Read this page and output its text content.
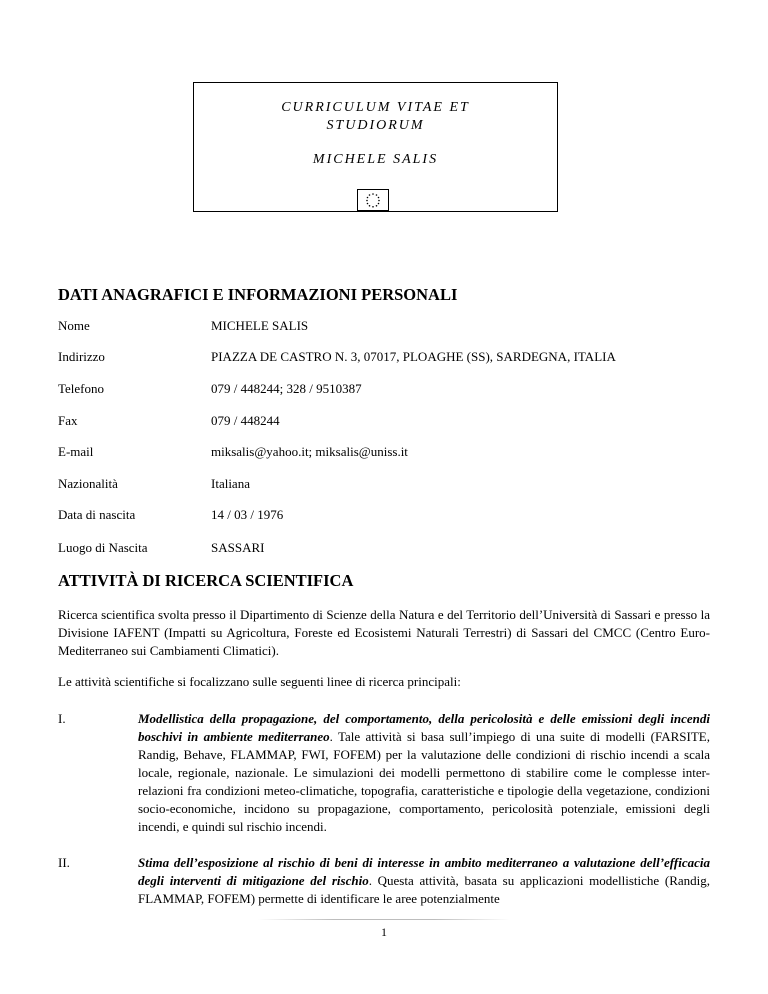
CURRICULUM VITAE ET
STUDIORUM
MICHELE SALIS
DATI ANAGRAFICI E INFORMAZIONI PERSONALI
Nome	MICHELE SALIS
Indirizzo	PIAZZA DE CASTRO N. 3, 07017, PLOAGHE (SS), SARDEGNA, ITALIA
Telefono	079 / 448244; 328 / 9510387
Fax	079 / 448244
E-mail	miksalis@yahoo.it; miksalis@uniss.it
Nazionalità	Italiana
Data di nascita	14 / 03 / 1976
Luogo di Nascita	SASSARI
ATTIVITÀ DI RICERCA SCIENTIFICA

Ricerca scientifica svolta presso il Dipartimento di Scienze della Natura e del Territorio dell’Università di Sassari e presso la Divisione IAFENT (Impatti su Agricoltura, Foreste ed Ecosistemi Naturali Terrestri) di Sassari del CMCC (Centro Euro-Mediterraneo sui Cambiamenti Climatici).

Le attività scientifiche si focalizzano sulle seguenti linee di ricerca principali:

I.	Modellistica della propagazione, del comportamento, della pericolosità e delle emissioni degli incendi boschivi in ambiente mediterraneo. Tale attività si basa sull’impiego di una suite di modelli (FARSITE, Randig, Behave, FLAMMAP, FWI, FOFEM) per la valutazione delle condizioni di rischio incendi a scala locale, regionale, nazionale. Le simulazioni dei modelli permettono di stabilire come le complesse inter-relazioni fra condizioni meteo-climatiche, topografia, caratteristiche e tipologie della vegetazione, condizioni socio-economiche, incidono su propagazione, comportamento, pericolosità potenziale, emissioni degli incendi, e quindi sul rischio incendi.
II.	Stima dell’esposizione al rischio di beni di interesse in ambito mediterraneo a valutazione dell’efficacia degli interventi di mitigazione del rischio. Questa attività, basata su applicazioni modellistiche (Randig, FLAMMAP, FOFEM) permette di identificare le aree potenzialmente
1
